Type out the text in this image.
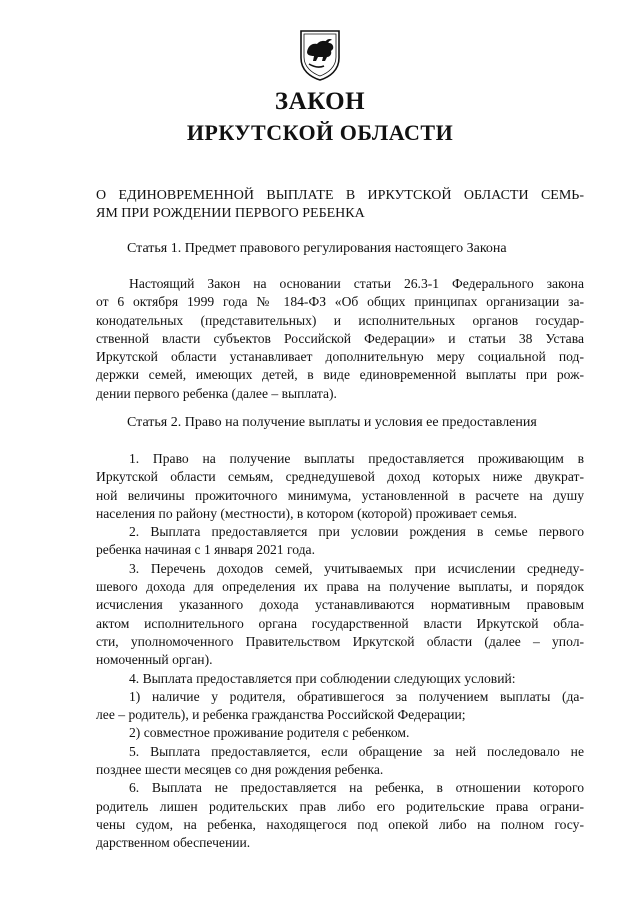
ЗАКОН
ИРКУТСКОЙ ОБЛАСТИ
О ЕДИНОВРЕМЕННОЙ ВЫПЛАТЕ В ИРКУТСКОЙ ОБЛАСТИ СЕМЬ-
ЯМ ПРИ РОЖДЕНИИ ПЕРВОГО РЕБЕНКА
Статья 1. Предмет правового регулирования настоящего Закона
Настоящий Закон на основании статьи 26.3-1 Федерального закона
от 6 октября 1999 года № 184-ФЗ «Об общих принципах организации за-
конодательных (представительных) и исполнительных органов государ-
ственной власти субъектов Российской Федерации» и статьи 38 Устава
Иркутской области устанавливает дополнительную меру социальной под-
держки семей, имеющих детей, в виде единовременной выплаты при рож-
дении первого ребенка (далее – выплата).
Статья 2. Право на получение выплаты и условия ее предоставления
1. Право на получение выплаты предоставляется проживающим в
Иркутской области семьям, среднедушевой доход которых ниже двукрат-
ной величины прожиточного минимума, установленной в расчете на душу
населения по району (местности), в котором (которой) проживает семья.
2. Выплата предоставляется при условии рождения в семье первого
ребенка начиная с 1 января 2021 года.
3. Перечень доходов семей, учитываемых при исчислении среднеду-
шевого дохода для определения их права на получение выплаты, и порядок
исчисления указанного дохода устанавливаются нормативным правовым
актом исполнительного органа государственной власти Иркутской обла-
сти, уполномоченного Правительством Иркутской области (далее – упол-
номоченный орган).
4. Выплата предоставляется при соблюдении следующих условий:
1) наличие у родителя, обратившегося за получением выплаты (да-
лее – родитель), и ребенка гражданства Российской Федерации;
2) совместное проживание родителя с ребенком.
5. Выплата предоставляется, если обращение за ней последовало не
позднее шести месяцев со дня рождения ребенка.
6. Выплата не предоставляется на ребенка, в отношении которого
родитель лишен родительских прав либо его родительские права ограни-
чены судом, на ребенка, находящегося под опекой либо на полном госу-
дарственном обеспечении.
